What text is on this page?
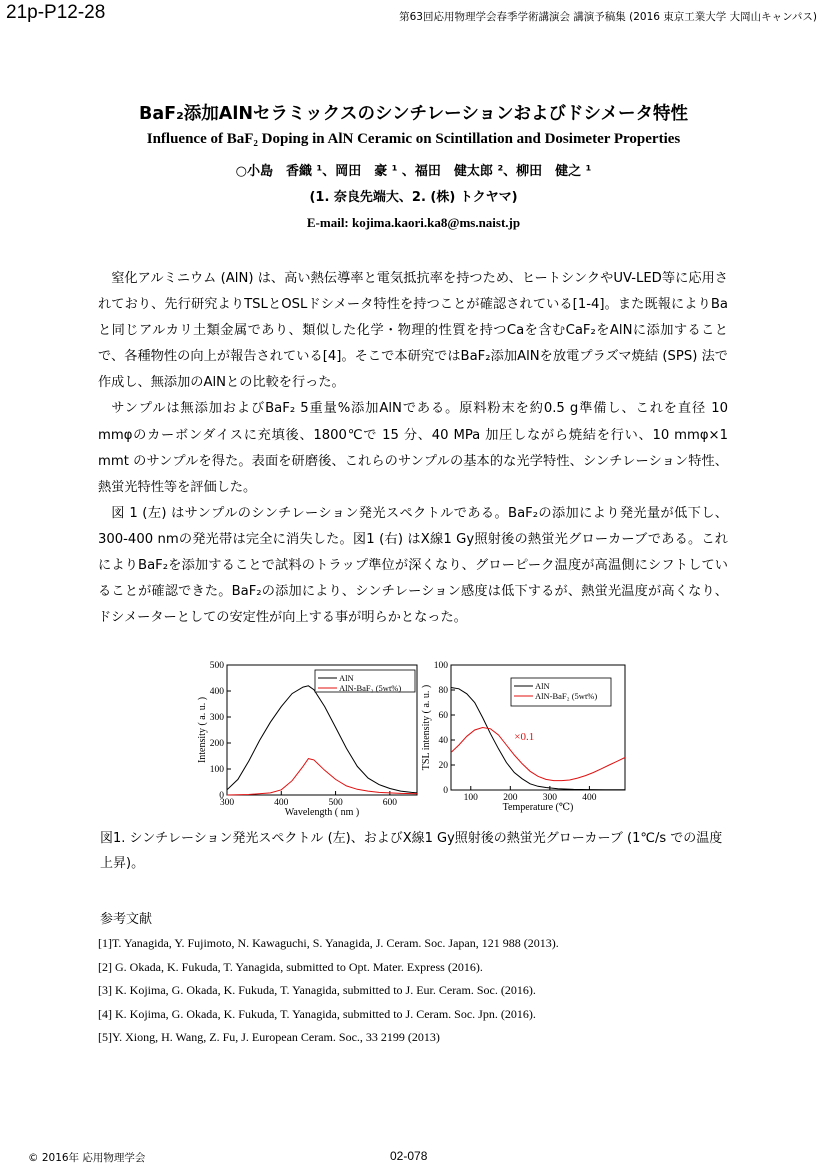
21p-P12-28	第63回応用物理学会春季学術講演会 講演予稿集 (2016 東京工業大学 大岡山キャンパス)
BaF₂添加AlNセラミックスのシンチレーションおよびドシメータ特性
Influence of BaF₂ Doping in AlN Ceramic on Scintillation and Dosimeter Properties
○小島　香織 ¹、岡田　豪 ¹ 、福田　健太郎 ²、柳田　健之 ¹
(1. 奈良先端大、2. (株) トクヤマ)
E-mail: kojima.kaori.ka8@ms.naist.jp

窒化アルミニウム (AlN) は、高い熱伝導率と電気抵抗率を持つため、ヒートシンクやUV-LED等に応用されており、先行研究よりTSLとOSLドシメータ特性を持つことが確認されている[1-4]。また既報によりBaと同じアルカリ土類金属であり、類似した化学・物理的性質を持つCaを含むCaF₂をAlNに添加することで、各種物性の向上が報告されている[4]。そこで本研究ではBaF₂添加AlNを放電プラズマ焼結 (SPS) 法で作成し、無添加のAlNとの比較を行った。

サンプルは無添加およびBaF₂ 5重量%添加AlNである。原料粉末を約0.5 g準備し、これを直径 10 mmφのカーボンダイスに充填後、1800℃で 15 分、40 MPa 加圧しながら焼結を行い、10 mmφ×1 mmt のサンプルを得た。表面を研磨後、これらのサンプルの基本的な光学特性、シンチレーション特性、熱蛍光特性等を評価した。

図 1 (左) はサンプルのシンチレーション発光スペクトルである。BaF₂の添加により発光量が低下し、300-400 nmの発光帯は完全に消失した。図1 (右) はX線1 Gy照射後の熱蛍光グローカーブである。これによりBaF₂を添加することで試料のトラップ準位が深くなり、グローピーク温度が高温側にシフトしていることが確認できた。BaF₂の添加により、シンチレーション感度は低下するが、熱蛍光温度が高くなり、ドシメーターとしての安定性が向上する事が明らかとなった。

300	400	500	600
0
100
200
300
400
500
Wavelength ( nm )
Intensity ( a. u. )
AlN
AlN-BaF₂ (5wt%)
100	200	300	400
0
20
40
60
80
100
Temperature (℃)
TSL intensity ( a. u. )	AlN
AlN-BaF₂ (5wt%)
×0.1
図1. シンチレーション発光スペクトル (左)、およびX線1 Gy照射後の熱蛍光グローカーブ (1℃/s での温度上昇)。
参考文献
[1]T. Yanagida, Y. Fujimoto, N. Kawaguchi, S. Yanagida, J. Ceram. Soc. Japan, 121 988 (2013).
[2] G. Okada, K. Fukuda, T. Yanagida, submitted to Opt. Mater. Express (2016).
[3] K. Kojima, G. Okada, K. Fukuda, T. Yanagida, submitted to J. Eur. Ceram. Soc. (2016).
[4] K. Kojima, G. Okada, K. Fukuda, T. Yanagida, submitted to J. Ceram. Soc. Jpn. (2016).
[5]Y. Xiong, H. Wang, Z. Fu, J. European Ceram. Soc., 33 2199 (2013)
© 2016年 応用物理学会	02-078
